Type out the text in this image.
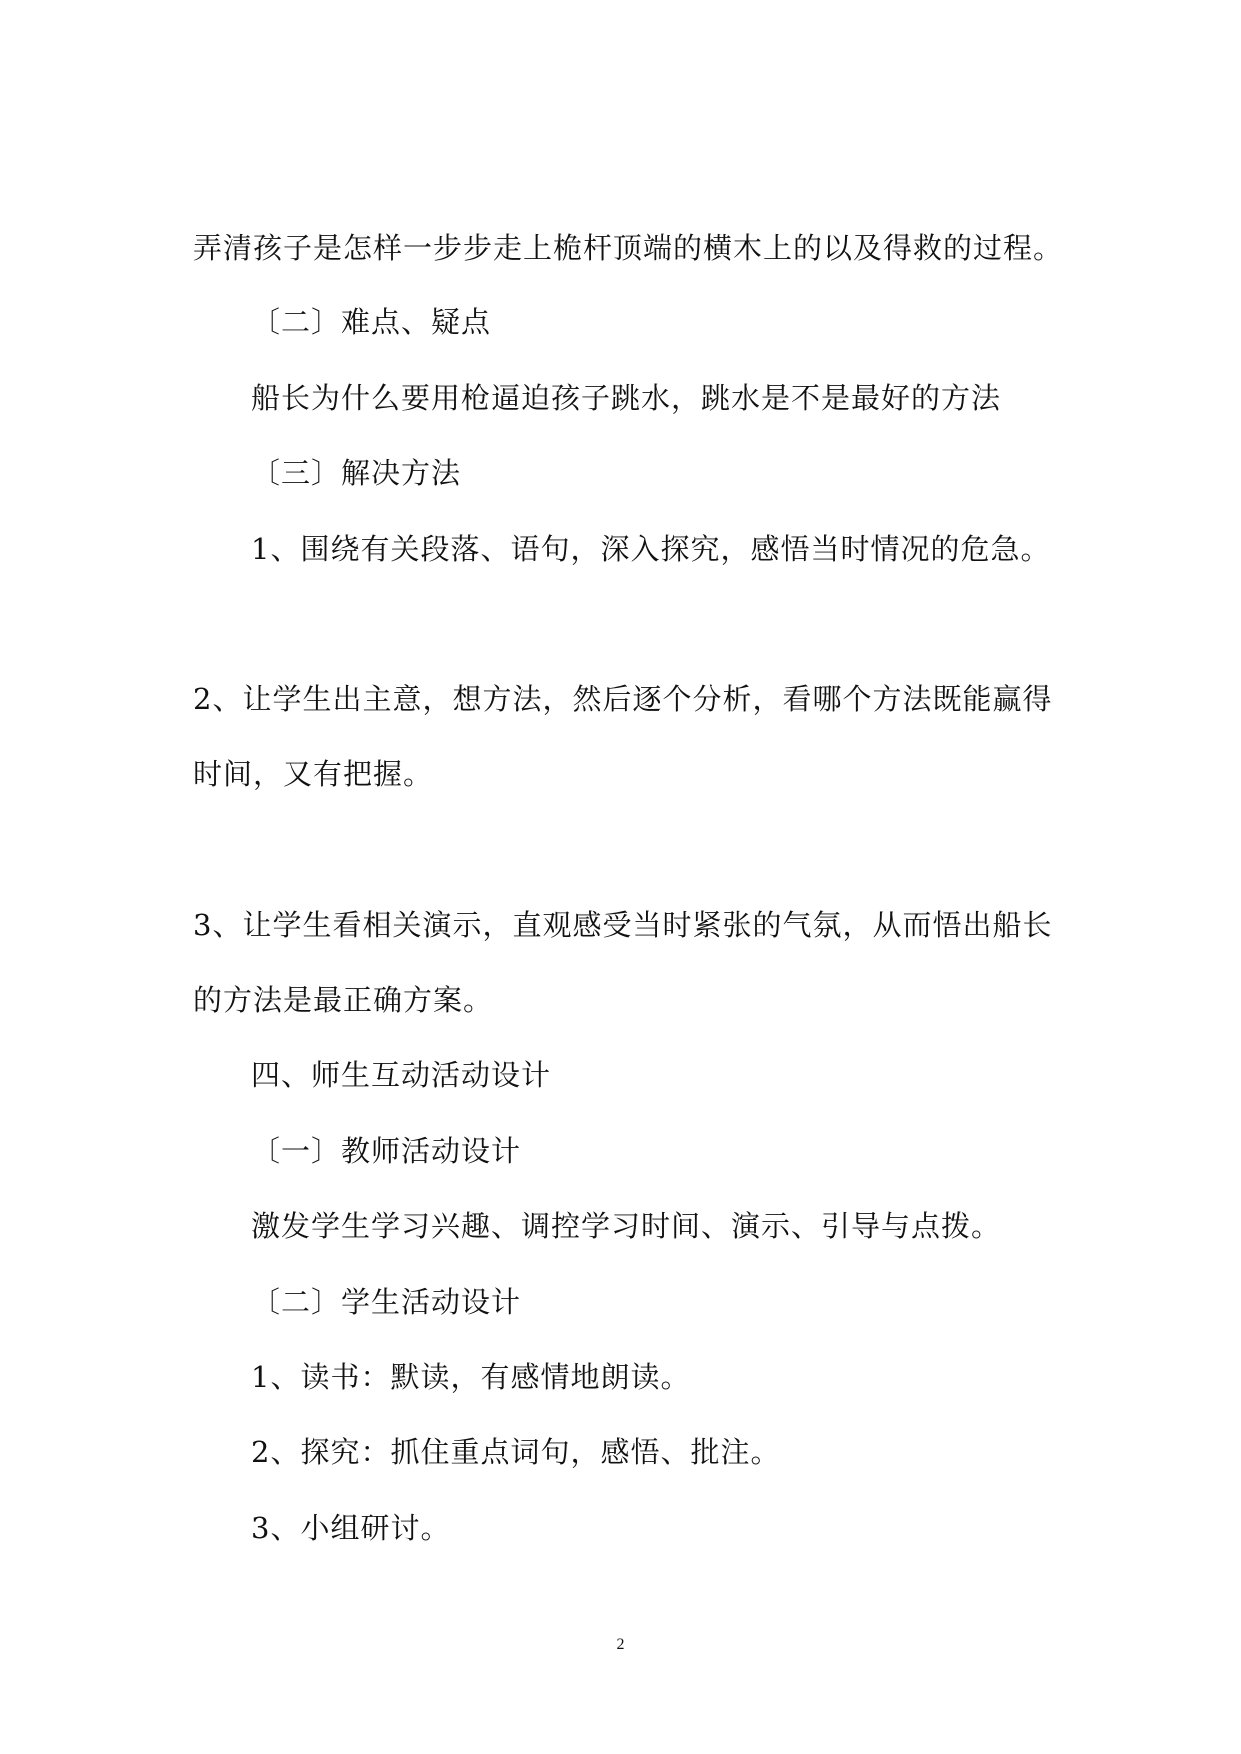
弄清孩子是怎样一步步走上桅杆顶端的横木上的以及得救的过程。
〔二〕难点、疑点
船长为什么要用枪逼迫孩子跳水，跳水是不是最好的方法
〔三〕解决方法
1、围绕有关段落、语句，深入探究，感悟当时情况的危急。
2、让学生出主意，想方法，然后逐个分析，看哪个方法既能赢得
时间，又有把握。
3、让学生看相关演示，直观感受当时紧张的气氛，从而悟出船长
的方法是最正确方案。
四、师生互动活动设计
〔一〕教师活动设计
激发学生学习兴趣、调控学习时间、演示、引导与点拨。
〔二〕学生活动设计
1、读书：默读，有感情地朗读。
2、探究：抓住重点词句，感悟、批注。
3、小组研讨。
2
